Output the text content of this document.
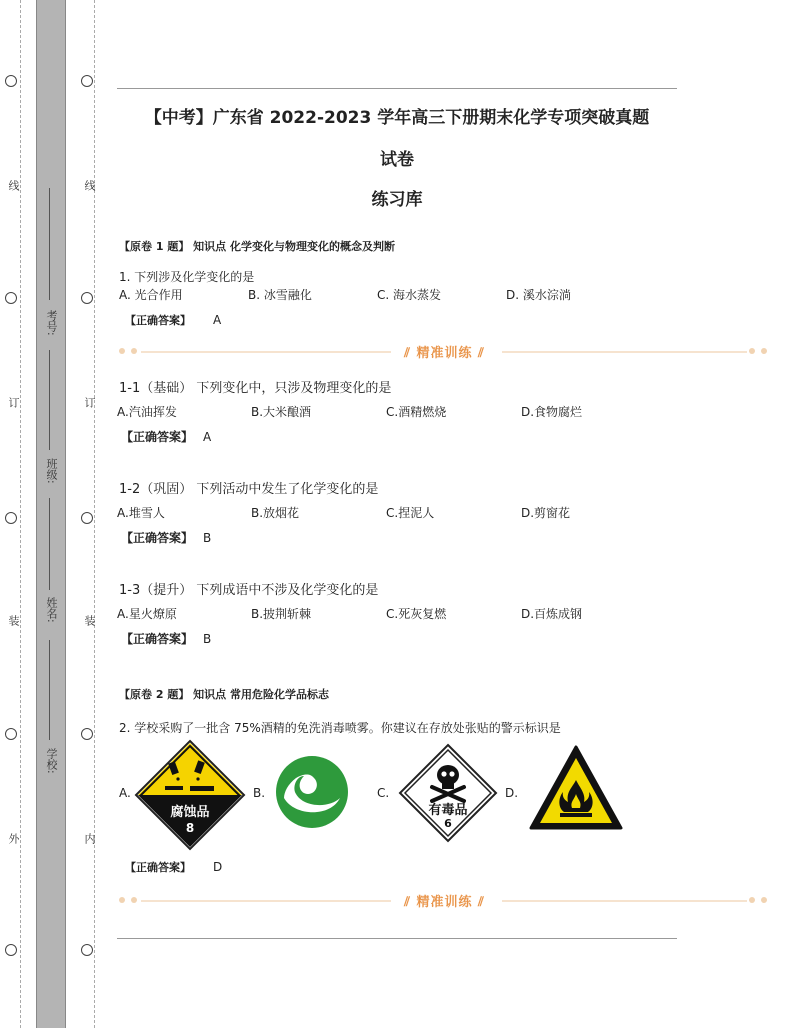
线
订
装
外
线
订
装
内
考号:
班级:
姓名:
学校:
【中考】广东省 2022-2023 学年高三下册期末化学专项突破真题
试卷
练习库
【原卷 1 题】 知识点 化学变化与物理变化的概念及判断
1. 下列涉及化学变化的是
A. 光合作用	B. 冰雪融化	C. 海水蒸发	D. 溪水淙淌
【正确答案】 A
⫽ 精准训练 ⫽
1-1（基础） 下列变化中，只涉及物理变化的是
A.汽油挥发	B.大米酿酒	C.酒精燃烧	D.食物腐烂
【正确答案】 A
1-2（巩固） 下列活动中发生了化学变化的是
A.堆雪人	B.放烟花	C.捏泥人	D.剪窗花
【正确答案】 B
1-3（提升） 下列成语中不涉及化学变化的是
A.星火燎原	B.披荆斩棘	C.死灰复燃	D.百炼成钢
【正确答案】 B
【原卷 2 题】 知识点 常用危险化学品标志
2. 学校采购了一批含 75%酒精的免洗消毒喷雾。你建议在存放处张贴的警示标识是
A.	B.	C.	D.
腐蚀品
8
有毒品
6
【正确答案】 D
⫽ 精准训练 ⫽
